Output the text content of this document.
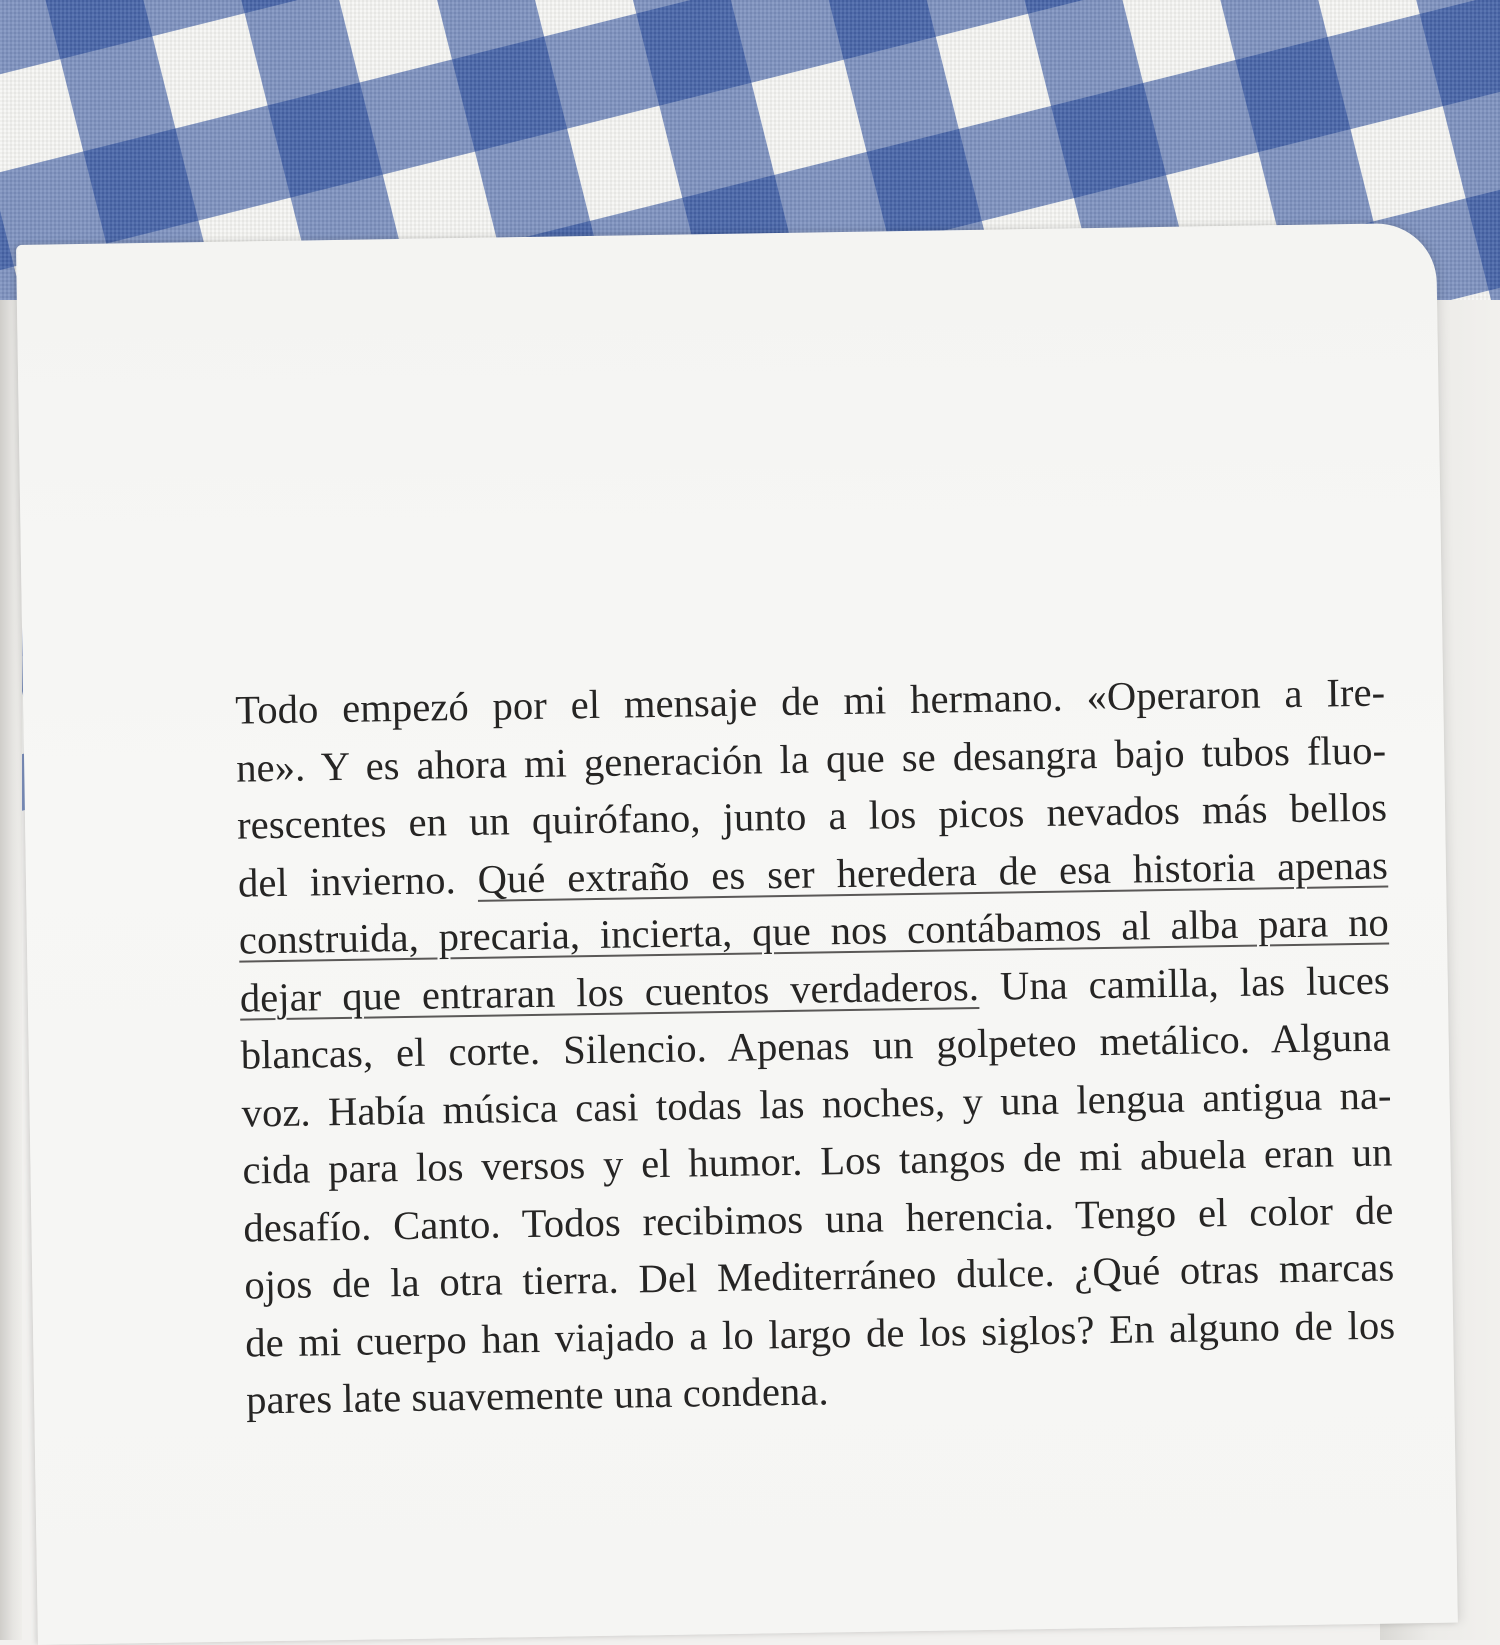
Todo empezó por el mensaje de mi hermano. «Operaron a Ire-
ne». Y es ahora mi generación la que se desangra bajo tubos fluo-
rescentes en un quirófano, junto a los picos nevados más bellos
del invierno. Qué extraño es ser heredera de esa historia apenas
construida, precaria, incierta, que nos contábamos al alba para no
dejar que entraran los cuentos verdaderos. Una camilla, las luces
blancas, el corte. Silencio. Apenas un golpeteo metálico. Alguna
voz. Había música casi todas las noches, y una lengua antigua na-
cida para los versos y el humor. Los tangos de mi abuela eran un
desafío. Canto. Todos recibimos una herencia. Tengo el color de
ojos de la otra tierra. Del Mediterráneo dulce. ¿Qué otras marcas
de mi cuerpo han viajado a lo largo de los siglos? En alguno de los
pares late suavemente una condena.
